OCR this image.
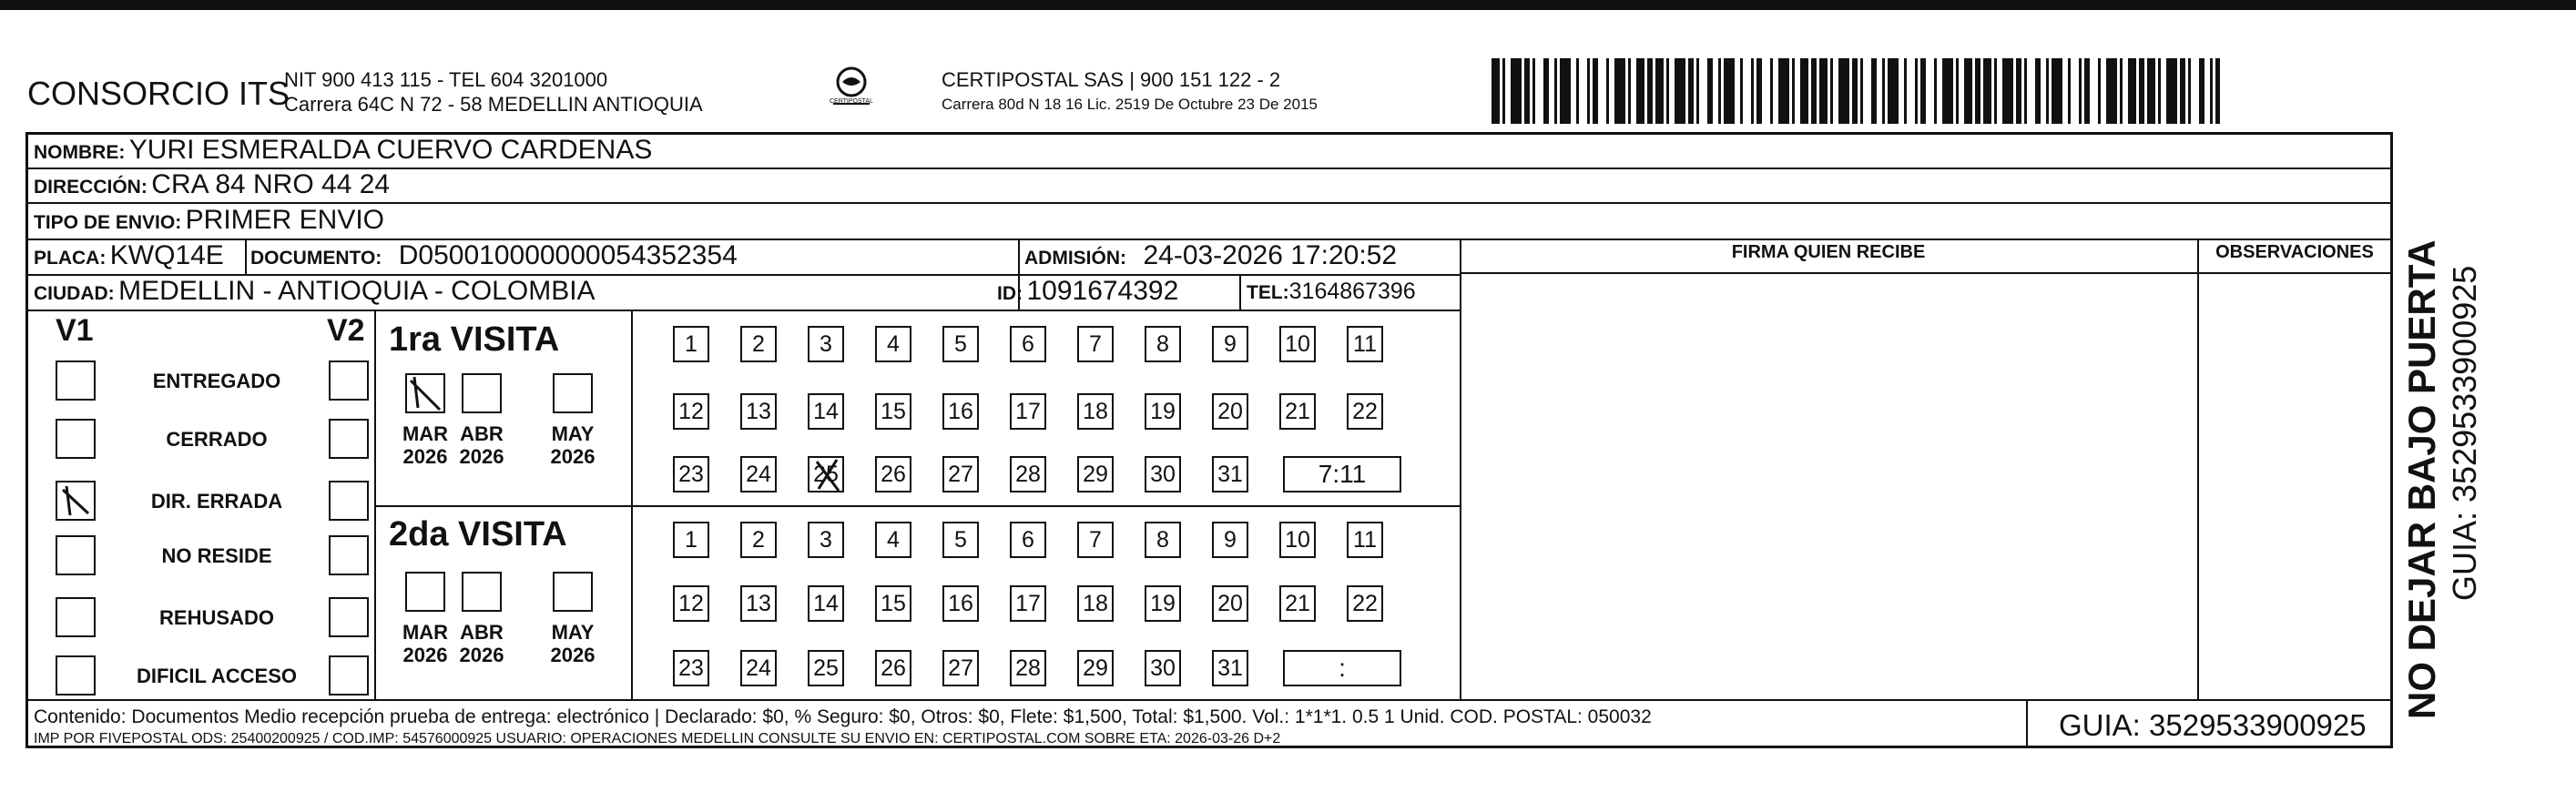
CONSORCIO ITS
NIT 900 413 115 - TEL 604 3201000
Carrera 64C N 72 - 58 MEDELLIN ANTIOQUIA	CERTIPOSTAL
CERTIPOSTAL SAS | 900 151 122 - 2
Carrera 80d N 18 16 Lic. 2519 De Octubre 23 De 2015
NOMBRE: YURI ESMERALDA CUERVO CARDENAS
DIRECCIÓN: CRA 84 NRO 44 24
TIPO DE ENVIO: PRIMER ENVIO
PLACA: KWQ14E DOCUMENTO: D050010000000054352354	ADMISIÓN: 24-03-2026 17:20:52
CIUDAD: MEDELLIN - ANTIOQUIA - COLOMBIA	ID: 1091674392	TEL:3164867396
FIRMA QUIEN RECIBE	OBSERVACIONES
V1	V2
ENTREGADO
CERRADO
DIR. ERRADA
NO RESIDE
REHUSADO
DIFICIL ACCESO
1ra VISITA
2da VISITA
MAR
2026
ABR
2026
MAY
2026
MAR
2026
ABR
2026
MAY
2026
1	2	3	4	5	6	7	8	9	10 11
12 13 14 15 16 17 18 19 20 21 22
23 24 25 26 27 28 29 30 31	7:11
1	2	3	4	5	6	7	8	9	10 11
12 13 14 15 16 17 18 19 20 21 22
23 24 25 26 27 28 29 30 31	:
Contenido: Documentos Medio recepción prueba de entrega: electrónico | Declarado: $0, % Seguro: $0, Otros: $0, Flete: $1,500, Total: $1,500. Vol.: 1*1*1. 0.5 1 Unid. COD. POSTAL: 050032
IMP POR FIVEPOSTAL ODS: 25400200925 / COD.IMP: 54576000925 USUARIO: OPERACIONES MEDELLIN CONSULTE SU ENVIO EN: CERTIPOSTAL.COM SOBRE ETA: 2026-03-26 D+2	GUIA: 3529533900925
NO DEJAR BAJO PUERTA GUIA: 3529533900925
